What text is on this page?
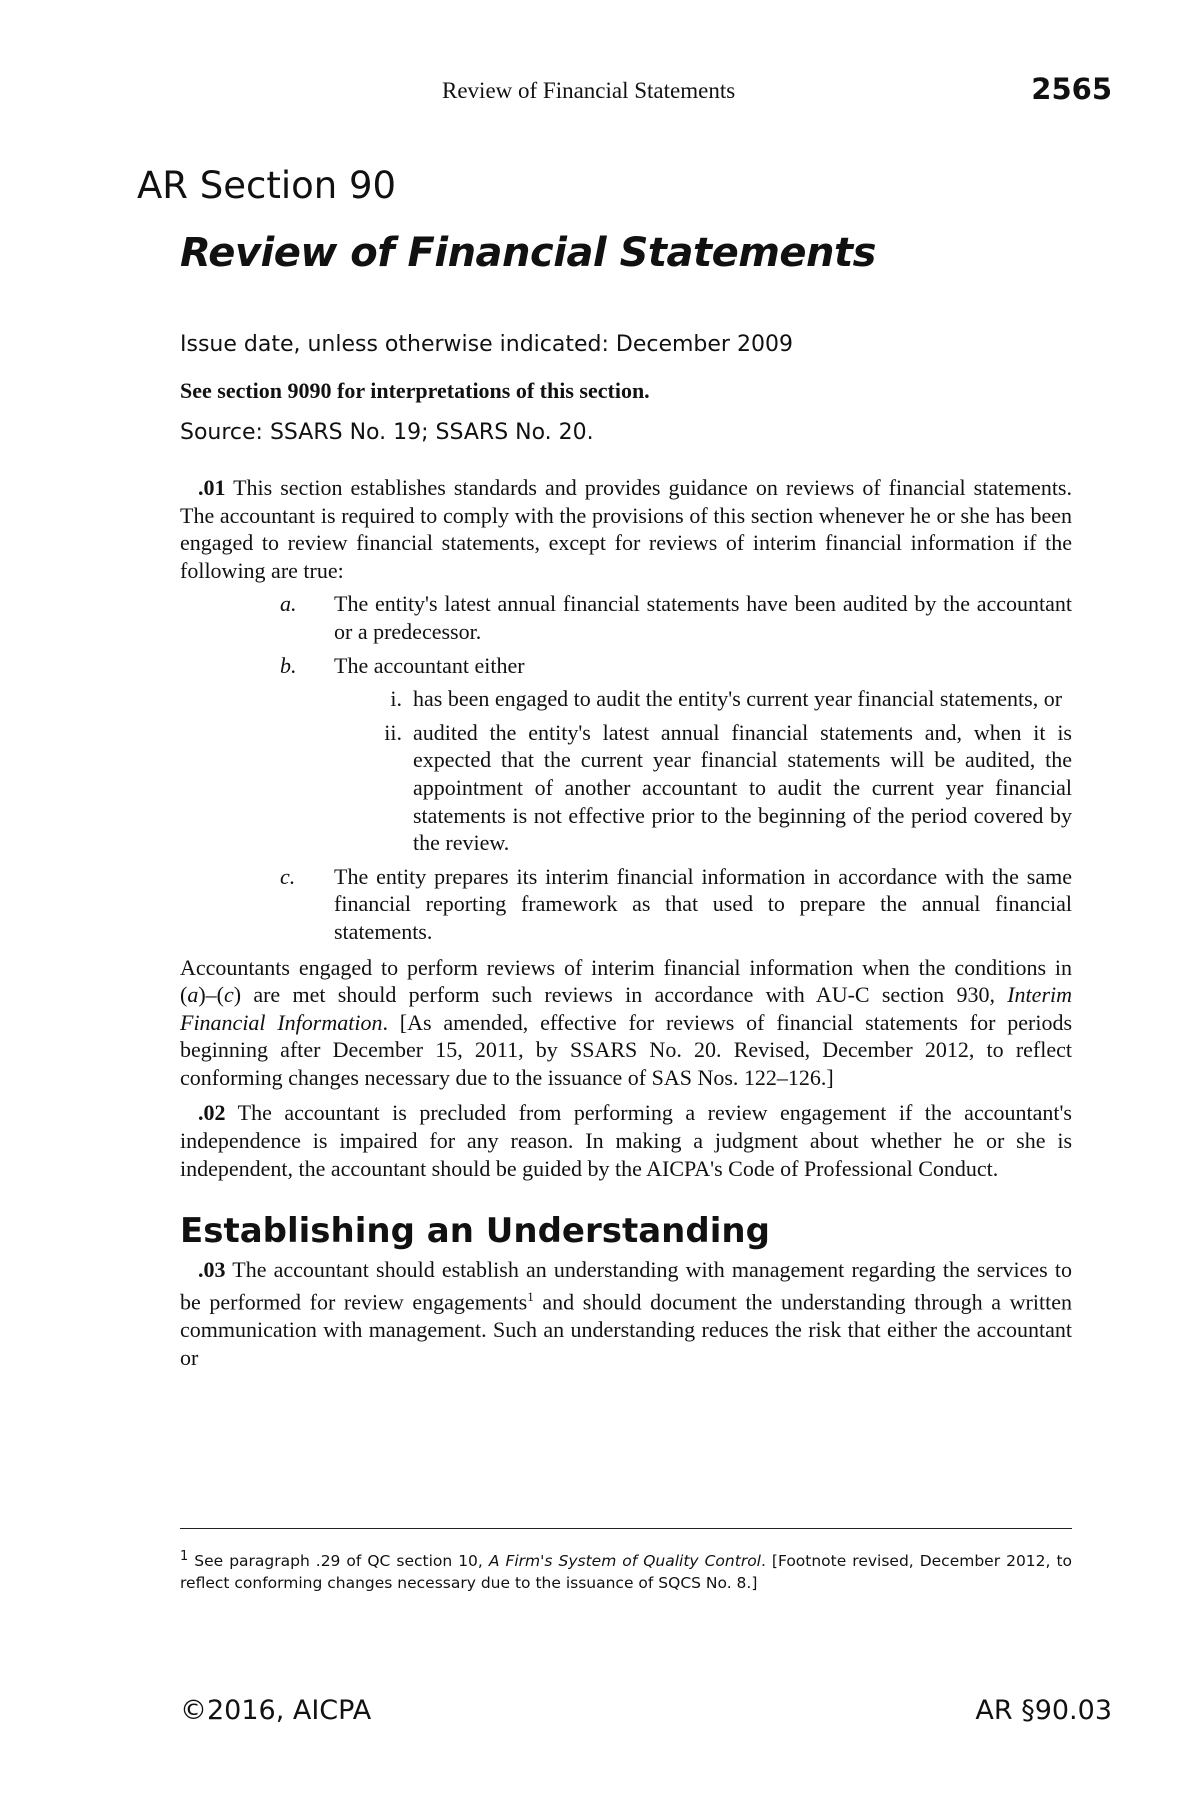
Review of Financial Statements	2565
AR Section 90
Review of Financial Statements
Issue date, unless otherwise indicated: December 2009
See section 9090 for interpretations of this section.
Source: SSARS No. 19; SSARS No. 20.

.01 This section establishes standards and provides guidance on reviews of financial statements. The accountant is required to comply with the provisions of this section whenever he or she has been engaged to review financial statements, except for reviews of interim financial information if the following are true:

a. The entity's latest annual financial statements have been audited by the accountant or a predecessor.

b. The accountant either

i. has been engaged to audit the entity's current year financial statements, or

ii. audited the entity's latest annual financial statements and, when it is expected that the current year financial statements will be audited, the appointment of another accountant to audit the current year financial statements is not effective prior to the beginning of the period covered by the review.

c. The entity prepares its interim financial information in accordance with the same financial reporting framework as that used to prepare the annual financial statements.

Accountants engaged to perform reviews of interim financial information when the conditions in (a)–(c) are met should perform such reviews in accordance with AU-C section 930, Interim Financial Information. [As amended, effective for reviews of financial statements for periods beginning after December 15, 2011, by SSARS No. 20. Revised, December 2012, to reflect conforming changes necessary due to the issuance of SAS Nos. 122–126.]

.02 The accountant is precluded from performing a review engagement if the accountant's independence is impaired for any reason. In making a judgment about whether he or she is independent, the accountant should be guided by the AICPA's Code of Professional Conduct.

Establishing an Understanding

.03 The accountant should establish an understanding with management regarding the services to be performed for review engagements$^1$ and should document the understanding through a written communication with management. Such an understanding reduces the risk that either the accountant or

$^1$ See paragraph .29 of QC section 10, A Firm's System of Quality Control. [Footnote revised, December 2012, to reflect conforming changes necessary due to the issuance of SQCS No. 8.]
©2016, AICPA	AR §90.03
